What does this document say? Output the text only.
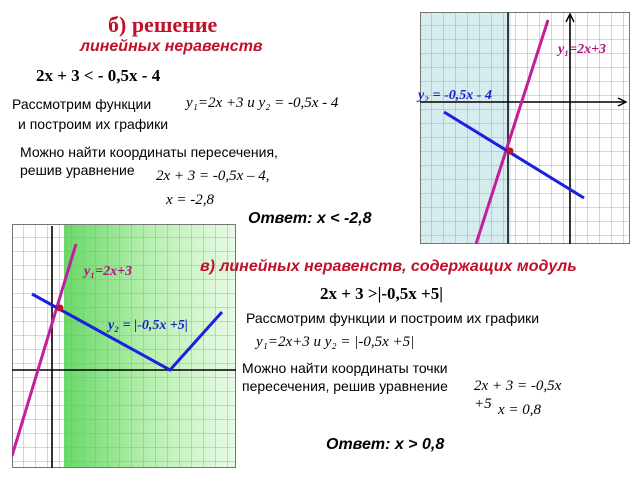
б) решение
линейных неравенств
2x + 3 < - 0,5x - 4
Рассмотрим функции y₁=2x +3 и y₂ = -0,5x - 4
и построим их графики
Можно найти координаты пересечения,
решив уравнение 2x + 3 = -0,5x – 4,
x = -2,8
Ответ: х < -2,8
y₁=2x+3
y₂ = -0,5x - 4
y₁=2x+3
y₂ = |-0,5x +5|
в) линейных неравенств, содержащих модуль
2x + 3 >|-0,5x +5|
Рассмотрим функции и построим их графики
y₁=2x+3 и y₂ = |-0,5x +5|
Можно найти координаты точки
пересечения, решив уравнение 2x + 3 = -0,5x
+5 x = 0,8
Ответ: х > 0,8
